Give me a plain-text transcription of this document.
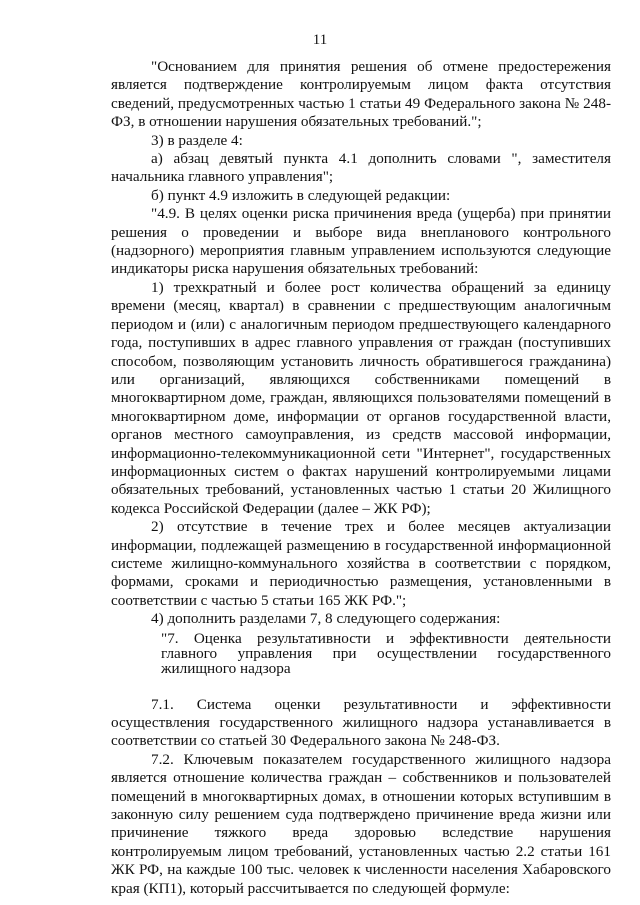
11

"Основанием для принятия решения об отмене предостережения является подтверждение контролируемым лицом факта отсутствия сведений, предусмотренных частью 1 статьи 49 Федерального закона № 248-ФЗ, в отношении нарушения обязательных требований.";

3) в разделе 4:

а) абзац девятый пункта 4.1 дополнить словами ", заместителя начальника главного управления";

б) пункт 4.9 изложить в следующей редакции:

"4.9. В целях оценки риска причинения вреда (ущерба) при принятии решения о проведении и выборе вида внепланового контрольного (надзорного) мероприятия главным управлением используются следующие индикаторы риска нарушения обязательных требований:

1) трехкратный и более рост количества обращений за единицу времени (месяц, квартал) в сравнении с предшествующим аналогичным периодом и (или) с аналогичным периодом предшествующего календарного года, поступивших в адрес главного управления от граждан (поступивших способом, позволяющим установить личность обратившегося гражданина) или организаций, являющихся собственниками помещений в многоквартирном доме, граждан, являющихся пользователями помещений в многоквартирном доме, информации от органов государственной власти, органов местного самоуправления, из средств массовой информации, информационно-телекоммуникационной сети "Интернет", государственных информационных систем о фактах нарушений контролируемыми лицами обязательных требований, установленных частью 1 статьи 20 Жилищного кодекса Российской Федерации (далее – ЖК РФ);

2) отсутствие в течение трех и более месяцев актуализации информации, подлежащей размещению в государственной информационной системе жилищно-коммунального хозяйства в соответствии с порядком, формами, сроками и периодичностью размещения, установленными в соответствии с частью 5 статьи 165 ЖК РФ.";

4) дополнить разделами 7, 8 следующего содержания:

"7. Оценка результативности и эффективности деятельности главного управления при осуществлении государственного жилищного надзора

7.1. Система оценки результативности и эффективности осуществления государственного жилищного надзора устанавливается в соответствии со статьей 30 Федерального закона № 248-ФЗ.

7.2. Ключевым показателем государственного жилищного надзора является отношение количества граждан – собственников и пользователей помещений в многоквартирных домах, в отношении которых вступившим в законную силу решением суда подтверждено причинение вреда жизни или причинение тяжкого вреда здоровью вследствие нарушения контролируемым лицом требований, установленных частью 2.2 статьи 161 ЖК РФ, на каждые 100 тыс. человек к численности населения Хабаровского края (КП1), который рассчитывается по следующей формуле:
